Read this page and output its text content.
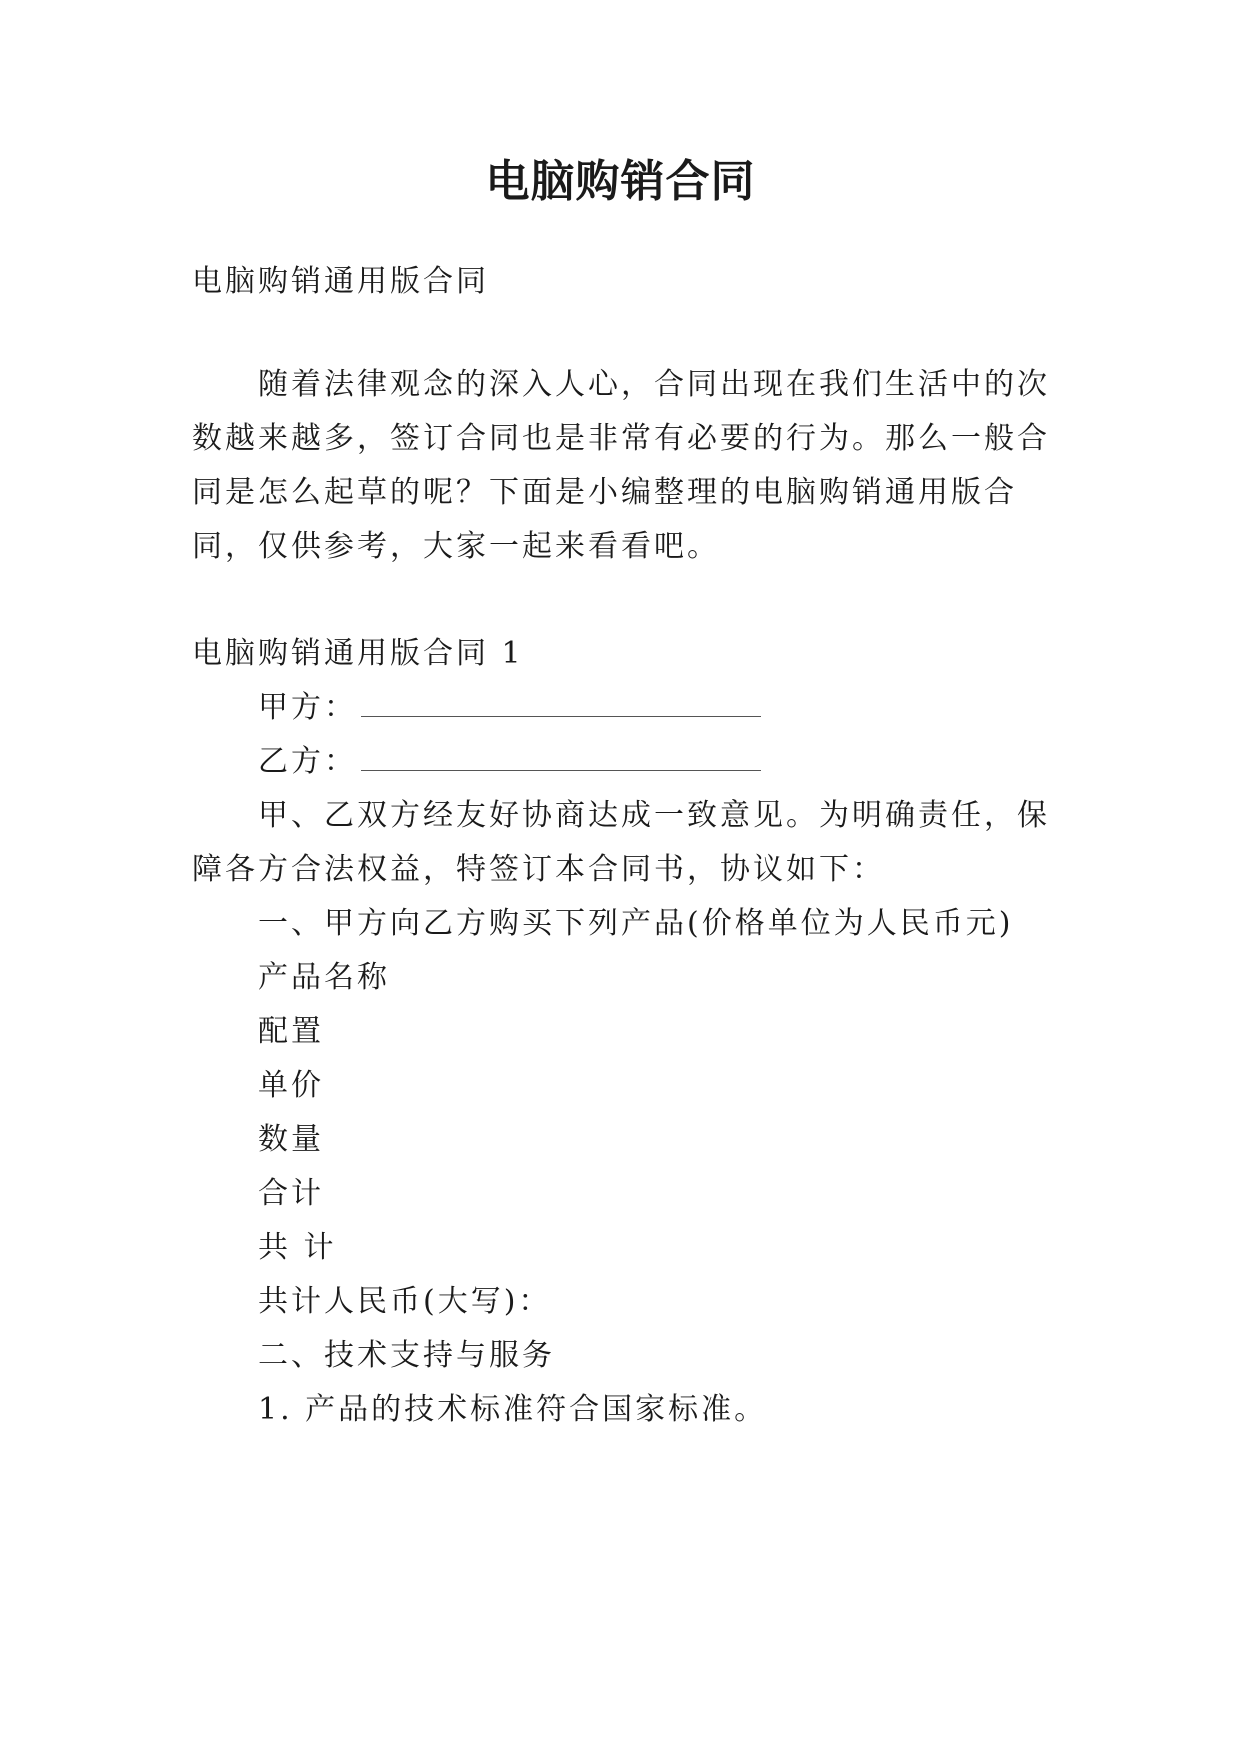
电脑购销合同

电脑购销通用版合同

随着法律观念的深入人心，合同出现在我们生活中的次

数越来越多，签订合同也是非常有必要的行为。那么一般合

同是怎么起草的呢？下面是小编整理的电脑购销通用版合

同，仅供参考，大家一起来看看吧。

电脑购销通用版合同 1

甲方：

乙方：

甲、乙双方经友好协商达成一致意见。为明确责任，保

障各方合法权益，特签订本合同书，协议如下：

一、甲方向乙方购买下列产品(价格单位为人民币元)

产品名称

配置

单价

数量

合计

共 计

共计人民币(大写)：

二、技术支持与服务

1. 产品的技术标准符合国家标准。
